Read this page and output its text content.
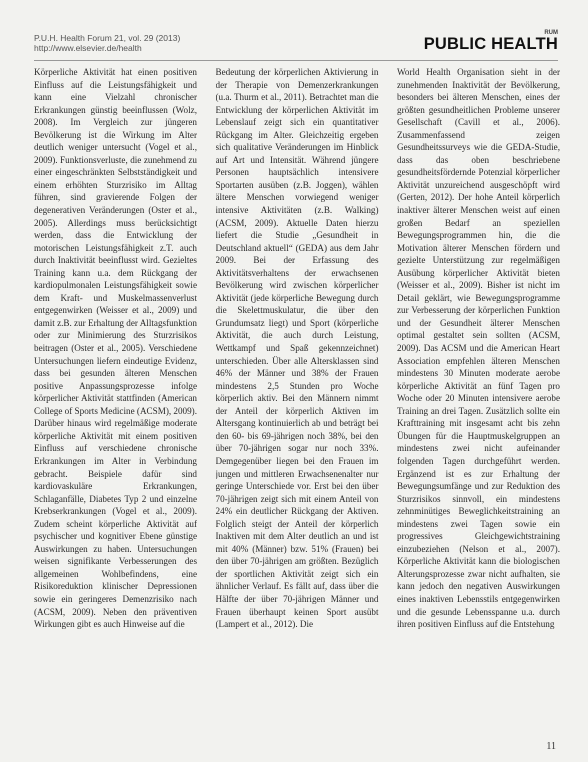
P.U.H. Health Forum 21, vol. 29 (2013)
http://www.elsevier.de/health
RUM
PUBLIC HEALTH

Körperliche Aktivität hat einen positiven Einfluss auf die Leistungsfähigkeit und kann eine Vielzahl chronischer Erkrankungen günstig beeinflussen (Wolz, 2008). Im Vergleich zur jüngeren Bevölkerung ist die Wirkung im Alter deutlich weniger untersucht (Vogel et al., 2009). Funktionsverluste, die zunehmend zu einer eingeschränkten Selbstständigkeit und einem erhöhten Sturzrisiko im Alltag führen, sind gravierende Folgen der degenerativen Veränderungen (Oster et al., 2005). Allerdings muss berücksichtigt werden, dass die Entwicklung der motorischen Leistungsfähigkeit z.T. auch durch Inaktivität beeinflusst wird. Gezieltes Training kann u.a. dem Rückgang der kardiopulmonalen Leistungsfähigkeit sowie dem Kraft- und Muskelmassenverlust entgegenwirken (Weisser et al., 2009) und damit z.B. zur Erhaltung der Alltagsfunktion oder zur Minimierung des Sturzrisikos beitragen (Oster et al., 2005). Verschiedene Untersuchungen liefern eindeutige Evidenz, dass bei gesunden älteren Menschen positive Anpassungsprozesse infolge körperlicher Aktivität stattfinden (American College of Sports Medicine (ACSM), 2009). Darüber hinaus wird regelmäßige moderate körperliche Aktivität mit einem positiven Einfluss auf verschiedene chronische Erkrankungen im Alter in Verbindung gebracht. Beispiele dafür sind kardiovaskuläre Erkrankungen, Schlaganfälle, Diabetes Typ 2 und einzelne Krebserkrankungen (Vogel et al., 2009). Zudem scheint körperliche Aktivität auf psychischer und kognitiver Ebene günstige Auswirkungen zu haben. Untersuchungen weisen signifikante Verbesserungen des allgemeinen Wohlbefindens, eine Risikoreduktion klinischer Depressionen sowie ein geringeres Demenzrisiko nach (ACSM, 2009). Neben den präventiven Wirkungen gibt es auch Hinweise auf die

Bedeutung der körperlichen Aktivierung in der Therapie von Demenzerkrankungen (u.a. Thurm et al., 2011). Betrachtet man die Entwicklung der körperlichen Aktivität im Lebenslauf zeigt sich ein quantitativer Rückgang im Alter. Gleichzeitig ergeben sich qualitative Veränderungen im Hinblick auf Art und Intensität. Während jüngere Personen hauptsächlich intensivere Sportarten ausüben (z.B. Joggen), wählen ältere Menschen vorwiegend weniger intensive Aktivitäten (z.B. Walking) (ACSM, 2009). Aktuelle Daten hierzu liefert die Studie „Gesundheit in Deutschland aktuell“ (GEDA) aus dem Jahr 2009. Bei der Erfassung des Aktivitätsverhaltens der erwachsenen Bevölkerung wird zwischen körperlicher Aktivität (jede körperliche Bewegung durch die Skelettmuskulatur, die über den Grundumsatz liegt) und Sport (körperliche Aktivität, die auch durch Leistung, Wettkampf und Spaß gekennzeichnet) unterschieden. Über alle Altersklassen sind 46% der Männer und 38% der Frauen mindestens 2,5 Stunden pro Woche körperlich aktiv. Bei den Männern nimmt der Anteil der körperlich Aktiven im Altersgang kontinuierlich ab und beträgt bei den 60- bis 69-jährigen noch 38%, bei den über 70-jährigen sogar nur noch 33%. Demgegenüber liegen bei den Frauen im jungen und mittleren Erwachsenenalter nur geringe Unterschiede vor. Erst bei den über 70-jährigen zeigt sich mit einem Anteil von 24% ein deutlicher Rückgang der Aktiven. Folglich steigt der Anteil der körperlich Inaktiven mit dem Alter deutlich an und ist mit 40% (Männer) bzw. 51% (Frauen) bei den über 70-jährigen am größten. Bezüglich der sportlichen Aktivität zeigt sich ein ähnlicher Verlauf. Es fällt auf, dass über die Hälfte der über 70-jährigen Männer und Frauen überhaupt keinen Sport ausübt (Lampert et al., 2012). Die

World Health Organisation sieht in der zunehmenden Inaktivität der Bevölkerung, besonders bei älteren Menschen, eines der größten gesundheitlichen Probleme unserer Gesellschaft (Cavill et al., 2006). Zusammenfassend zeigen Gesundheitssurveys wie die GEDA-Studie, dass das oben beschriebene gesundheitsfördernde Potenzial körperlicher Aktivität unzureichend ausgeschöpft wird (Gerten, 2012). Der hohe Anteil körperlich inaktiver älterer Menschen weist auf einen großen Bedarf an speziellen Bewegungsprogrammen hin, die die Motivation älterer Menschen fördern und gezielte Unterstützung zur regelmäßigen Ausübung körperlicher Aktivität bieten (Weisser et al., 2009). Bisher ist nicht im Detail geklärt, wie Bewegungsprogramme zur Verbesserung der körperlichen Funktion und der Gesundheit älterer Menschen optimal gestaltet sein sollten (ACSM, 2009). Das ACSM und die American Heart Association empfehlen älteren Menschen mindestens 30 Minuten moderate aerobe körperliche Aktivität an fünf Tagen pro Woche oder 20 Minuten intensivere aerobe Training an drei Tagen. Zusätzlich sollte ein Krafttraining mit insgesamt acht bis zehn Übungen für die Hauptmuskelgruppen an mindestens zwei nicht aufeinander folgenden Tagen durchgeführt werden. Ergänzend ist es zur Erhaltung der Bewegungsumfänge und zur Reduktion des Sturzrisikos sinnvoll, ein mindestens zehnminütiges Beweglichkeitstraining an mindestens zwei Tagen sowie ein progressives Gleichgewichtstraining einzubeziehen (Nelson et al., 2007). Körperliche Aktivität kann die biologischen Alterungsprozesse zwar nicht aufhalten, sie kann jedoch den negativen Auswirkungen eines inaktiven Lebensstils entgegenwirken und die gesunde Lebensspanne u.a. durch ihren positiven Einfluss auf die Entstehung

11
